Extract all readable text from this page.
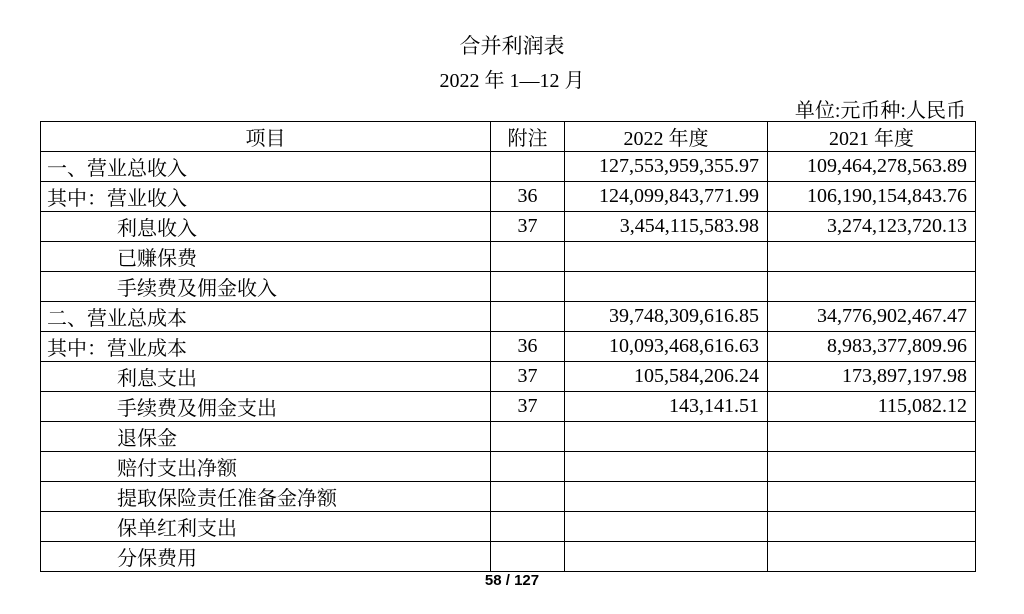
合并利润表
2022 年 1—12 月
单位:元币种:人民币
项目	附注	2022 年度	2021 年度
一、营业总收入		127,553,959,355.97	109,464,278,563.89
其中：营业收入	36	124,099,843,771.99	106,190,154,843.76
利息收入	37	3,454,115,583.98	3,274,123,720.13
已赚保费			
手续费及佣金收入			
二、营业总成本		39,748,309,616.85	34,776,902,467.47
其中：营业成本	36	10,093,468,616.63	8,983,377,809.96
利息支出	37	105,584,206.24	173,897,197.98
手续费及佣金支出	37	143,141.51	115,082.12
退保金			
赔付支出净额			
提取保险责任准备金净额			
保单红利支出			
分保费用			
58 / 127
